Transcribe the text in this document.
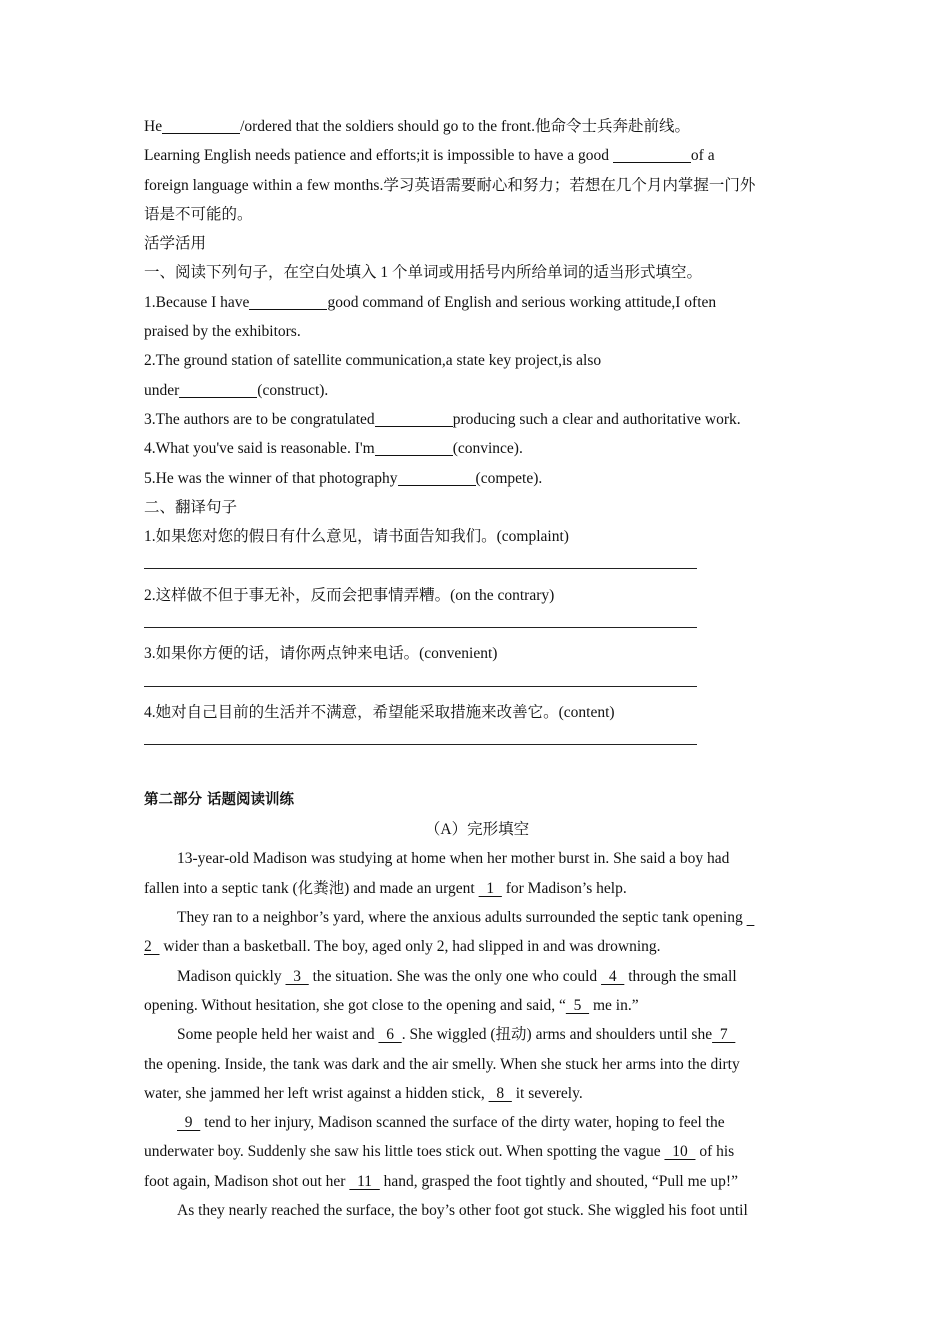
He	/ordered that the soldiers should go to the front.他命令士兵奔赴前线。
Learning English needs patience and efforts;it is impossible to have a good	of a
foreign language within a few months.学习英语需要耐心和努力；若想在几个月内掌握一门外
语是不可能的。
活学活用
一、阅读下列句子，在空白处填入 1 个单词或用括号内所给单词的适当形式填空。
1.Because I have	good command of English and serious working attitude,I often
praised by the exhibitors.
2.The ground station of satellite communication,a state key project,is also
under	(construct).
3.The authors are to be congratulated	producing such a clear and authoritative work.
4.What you've said is reasonable. I'm	(convince).
5.He was the winner of that photography	(compete).
二、翻译句子
1.如果您对您的假日有什么意见，请书面告知我们。(complaint)
2.这样做不但于事无补，反而会把事情弄糟。(on the contrary)
3.如果你方便的话，请你两点钟来电话。(convenient)
4.她对自己目前的生活并不满意，希望能采取措施来改善它。(content)
第二部分 话题阅读训练
（A）完形填空
13-year-old Madison was studying at home when her mother burst in. She said a boy had
fallen into a septic tank (化粪池) and made an urgent   1   for Madison’s help.
They ran to a neighbor’s yard, where the anxious adults surrounded the septic tank opening
2   wider than a basketball. The boy, aged only 2, had slipped in and was drowning.
Madison quickly   3   the situation. She was the only one who could   4   through the small
opening. Without hesitation, she got close to the opening and said, “  5   me in.”
Some people held her waist and   6  . She wiggled (扭动) arms and shoulders until she  7
the opening. Inside, the tank was dark and the air smelly. When she stuck her arms into the dirty
water, she jammed her left wrist against a hidden stick,   8   it severely.
9   tend to her injury, Madison scanned the surface of the dirty water, hoping to feel the
underwater boy. Suddenly she saw his little toes stick out. When spotting the vague   10   of his
foot again, Madison shot out her   11   hand, grasped the foot tightly and shouted, “Pull me up!”
As they nearly reached the surface, the boy’s other foot got stuck. She wiggled his foot until
